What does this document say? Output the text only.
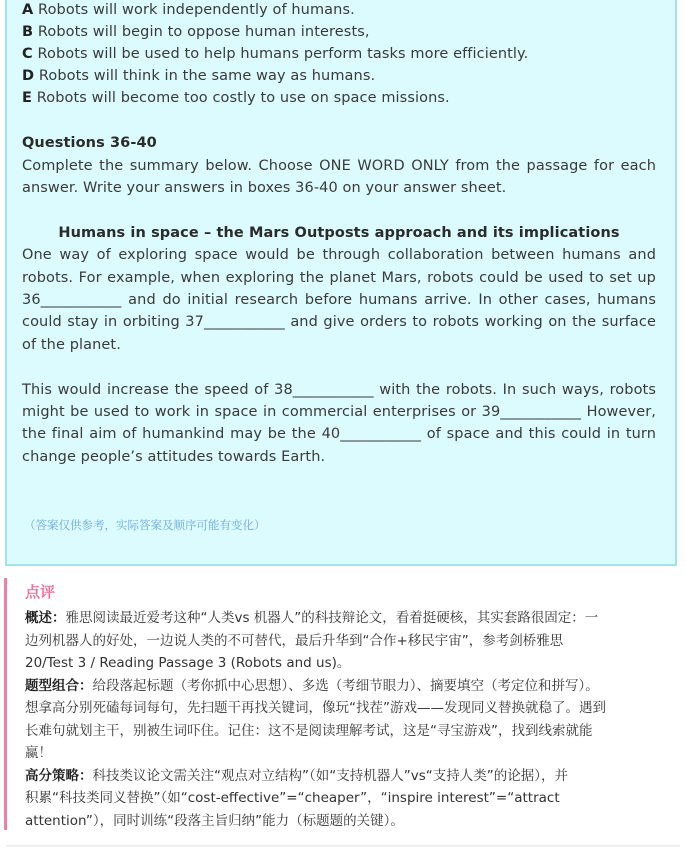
A Robots will work independently of humans.
B Robots will begin to oppose human interests,
C Robots will be used to help humans perform tasks more efficiently.
D Robots will think in the same way as humans.
E Robots will become too costly to use on space missions.
Questions 36-40
Complete the summary below. Choose ONE WORD ONLY from the passage for each
answer. Write your answers in boxes 36-40 on your answer sheet.
Humans in space – the Mars Outposts approach and its implications
One way of exploring space would be through collaboration between humans and
robots. For example, when exploring the planet Mars, robots could be used to set up
36___________ and do initial research before humans arrive. In other cases, humans
could stay in orbiting 37___________ and give orders to robots working on the surface
of the planet.
This would increase the speed of 38___________ with the robots. In such ways, robots
might be used to work in space in commercial enterprises or 39___________ However,
the final aim of humankind may be the 40___________ of space and this could in turn
change people’s attitudes towards Earth.
（答案仅供参考，实际答案及顺序可能有变化）
点评
概述：雅思阅读最近爱考这种“人类vs 机器人”的科技辩论文，看着挺硬核，其实套路很固定：一
边列机器人的好处，一边说人类的不可替代，最后升华到“合作+移民宇宙”，参考剑桥雅思
20/Test 3 / Reading Passage 3 (Robots and us)。
题型组合：给段落起标题（考你抓中心思想）、多选（考细节眼力）、摘要填空（考定位和拼写）。
想拿高分别死磕每词每句，先扫题干再找关键词，像玩“找茬”游戏——发现同义替换就稳了。遇到
长难句就划主干，别被生词吓住。记住：这不是阅读理解考试，这是“寻宝游戏”，找到线索就能
赢！
高分策略：科技类议论文需关注“观点对立结构”（如“支持机器人”vs“支持人类”的论据），并
积累“科技类同义替换”（如“cost-effective”=“cheaper”，“inspire interest”=“attract
attention”），同时训练“段落主旨归纳”能力（标题题的关键）。
